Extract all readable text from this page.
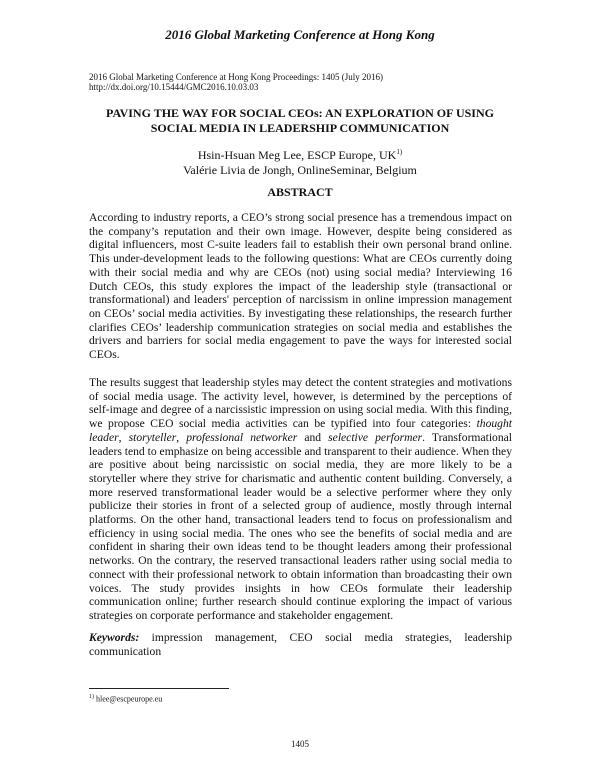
2016 Global Marketing Conference at Hong Kong
2016 Global Marketing Conference at Hong Kong Proceedings: 1405 (July 2016)
http://dx.doi.org/10.15444/GMC2016.10.03.03
PAVING THE WAY FOR SOCIAL CEOs: AN EXPLORATION OF USING
SOCIAL MEDIA IN LEADERSHIP COMMUNICATION
Hsin-Hsuan Meg Lee, ESCP Europe, UK$^{1)}$
Valérie Livia de Jongh, OnlineSeminar, Belgium
ABSTRACT

According to industry reports, a CEO’s strong social presence has a tremendous impact on the company’s reputation and their own image. However, despite being considered as digital influencers, most C-suite leaders fail to establish their own personal brand online. This under-development leads to the following questions: What are CEOs currently doing with their social media and why are CEOs (not) using social media? Interviewing 16 Dutch CEOs, this study explores the impact of the leadership style (transactional or transformational) and leaders' perception of narcissism in online impression management on CEOs’ social media activities. By investigating these relationships, the research further clarifies CEOs’ leadership communication strategies on social media and establishes the drivers and barriers for social media engagement to pave the ways for interested social CEOs.

The results suggest that leadership styles may detect the content strategies and motivations of social media usage. The activity level, however, is determined by the perceptions of self-image and degree of a narcissistic impression on using social media. With this finding, we propose CEO social media activities can be typified into four categories: thought leader, storyteller, professional networker and selective performer. Transformational leaders tend to emphasize on being accessible and transparent to their audience. When they are positive about being narcissistic on social media, they are more likely to be a storyteller where they strive for charismatic and authentic content building. Conversely, a more reserved transformational leader would be a selective performer where they only publicize their stories in front of a selected group of audience, mostly through internal platforms. On the other hand, transactional leaders tend to focus on professionalism and efficiency in using social media. The ones who see the benefits of social media and are confident in sharing their own ideas tend to be thought leaders among their professional networks. On the contrary, the reserved transactional leaders rather using social media to connect with their professional network to obtain information than broadcasting their own voices. The study provides insights in how CEOs formulate their leadership communication online; further research should continue exploring the impact of various strategies on corporate performance and stakeholder engagement.

Keywords: impression management, CEO social media strategies, leadership communication

$^{1)}$ hlee@escpeurope.eu
1405
